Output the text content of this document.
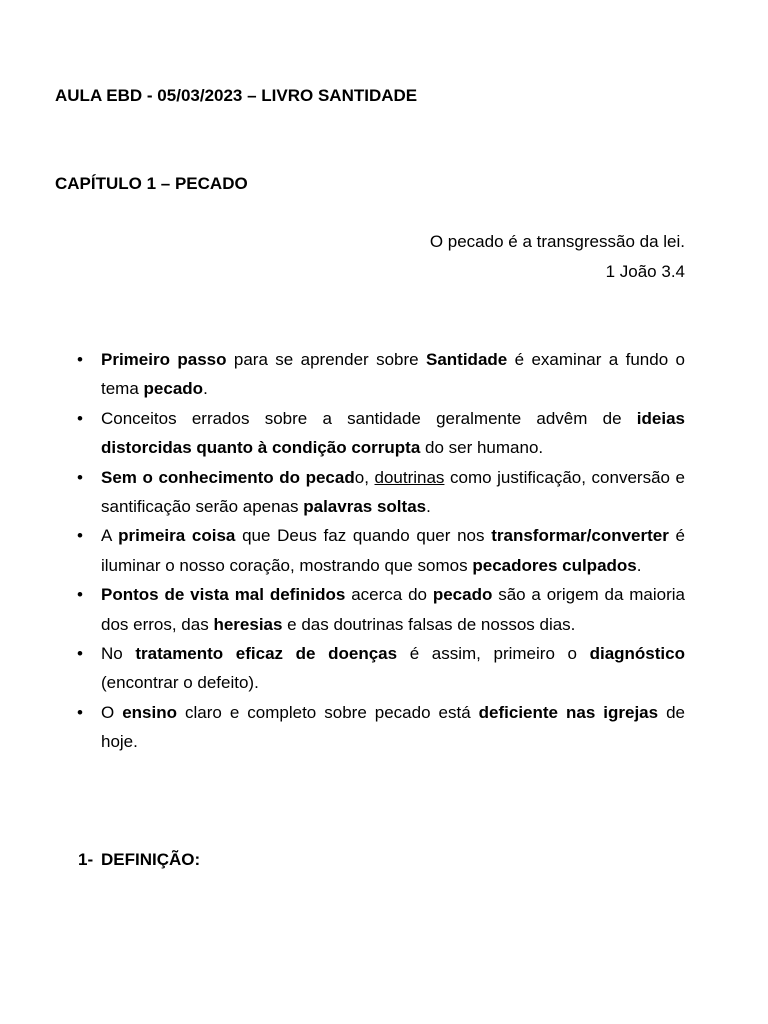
AULA EBD - 05/03/2023 – LIVRO SANTIDADE
CAPÍTULO 1 – PECADO
O pecado é a transgressão da lei.
1 João 3.4
• Primeiro passo para se aprender sobre Santidade é examinar a fundo o tema pecado.
• Conceitos errados sobre a santidade geralmente advêm de ideias distorcidas quanto à condição corrupta do ser humano.
• Sem o conhecimento do pecado, doutrinas como justificação, conversão e santificação serão apenas palavras soltas.
• A primeira coisa que Deus faz quando quer nos transformar/converter é iluminar o nosso coração, mostrando que somos pecadores culpados.
• Pontos de vista mal definidos acerca do pecado são a origem da maioria dos erros, das heresias e das doutrinas falsas de nossos dias.
• No tratamento eficaz de doenças é assim, primeiro o diagnóstico (encontrar o defeito).
• O ensino claro e completo sobre pecado está deficiente nas igrejas de hoje.
1- DEFINIÇÃO:
